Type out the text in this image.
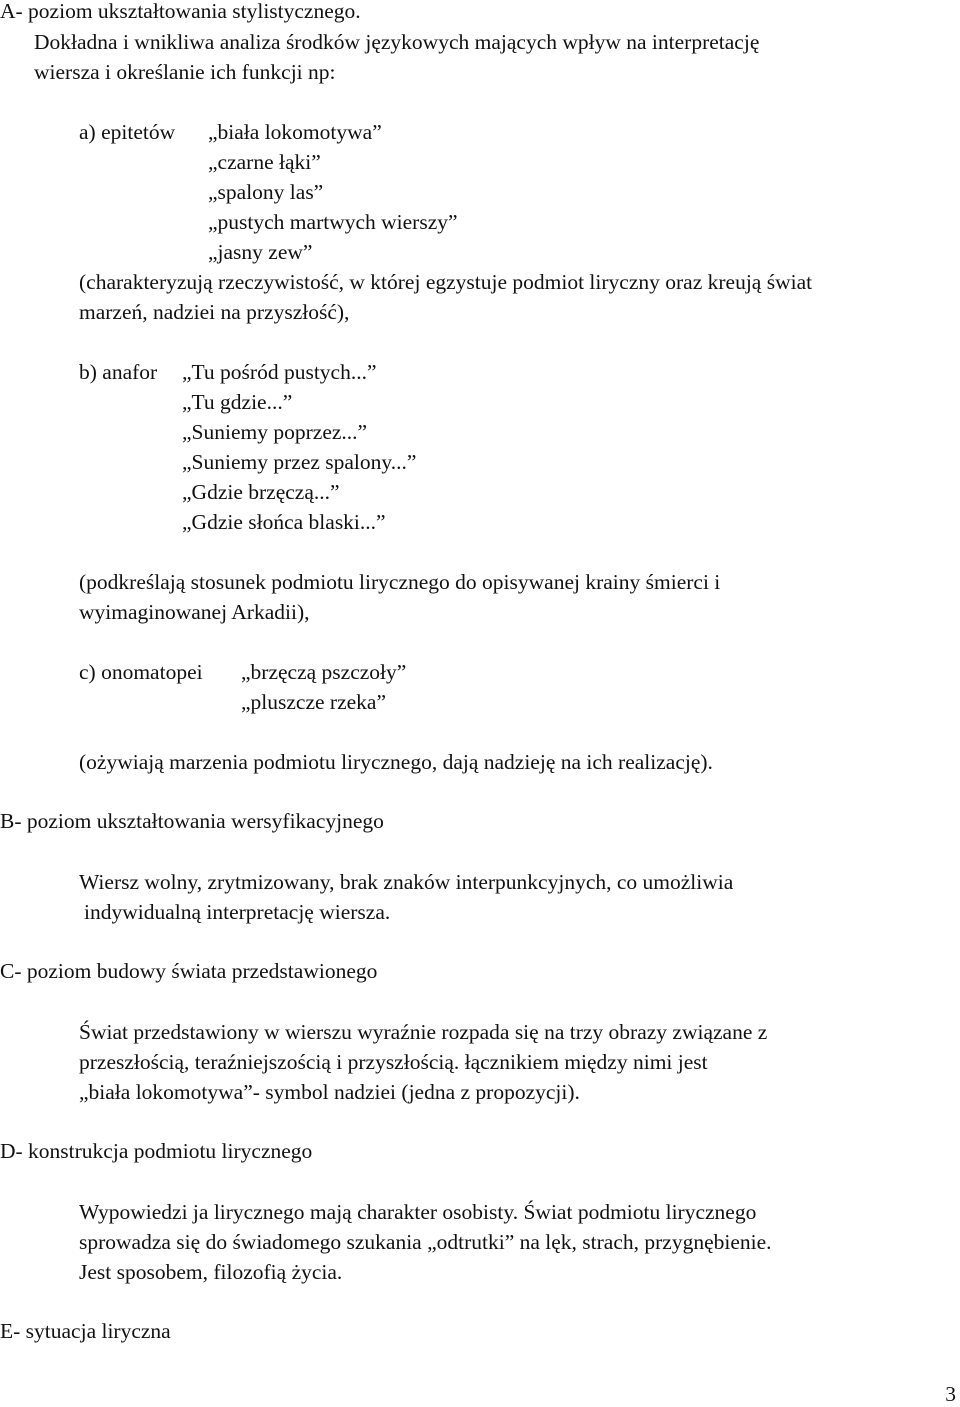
A- poziom ukształtowania stylistycznego.
Dokładna i wnikliwa analiza środków językowych mających wpływ na interpretację
wiersza i określanie ich funkcji np:
a) epitetów „biała lokomotywa”
„czarne łąki”
„spalony las”
„pustych martwych wierszy”
„jasny zew”
(charakteryzują rzeczywistość, w której egzystuje podmiot liryczny oraz kreują świat
marzeń, nadziei na przyszłość),
b) anafor „Tu pośród pustych...”
„Tu gdzie...”
„Suniemy poprzez...”
„Suniemy przez spalony...”
„Gdzie brzęczą...”
„Gdzie słońca blaski...”
(podkreślają stosunek podmiotu lirycznego do opisywanej krainy śmierci i
wyimaginowanej Arkadii),
c) onomatopei „brzęczą pszczoły”
„pluszcze rzeka”
(ożywiają marzenia podmiotu lirycznego, dają nadzieję na ich realizację).
B- poziom ukształtowania wersyfikacyjnego
Wiersz wolny, zrytmizowany, brak znaków interpunkcyjnych, co umożliwia
indywidualną interpretację wiersza.
C- poziom budowy świata przedstawionego
Świat przedstawiony w wierszu wyraźnie rozpada się na trzy obrazy związane z
przeszłością, teraźniejszością i przyszłością. łącznikiem między nimi jest
„biała lokomotywa”- symbol nadziei (jedna z propozycji).
D- konstrukcja podmiotu lirycznego
Wypowiedzi ja lirycznego mają charakter osobisty. Świat podmiotu lirycznego
sprowadza się do świadomego szukania „odtrutki” na lęk, strach, przygnębienie.
Jest sposobem, filozofią życia.
E- sytuacja liryczna
3
